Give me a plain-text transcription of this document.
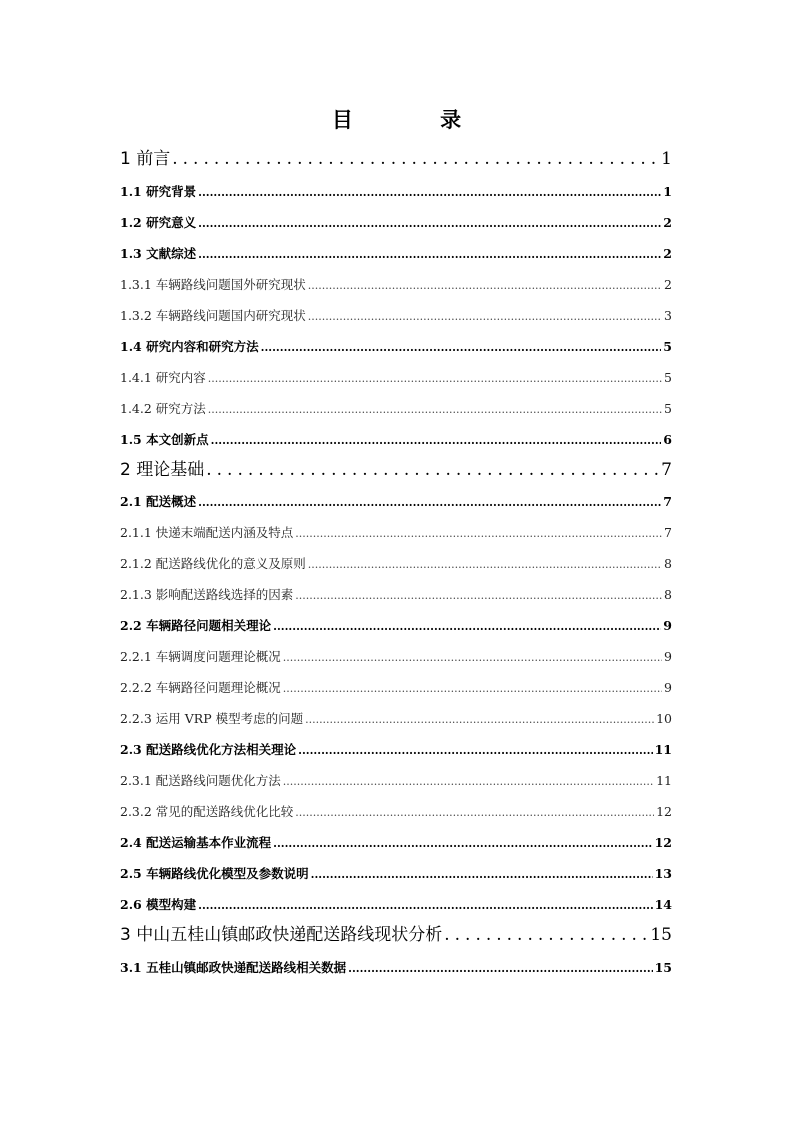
目 录
1 前言 .....	1
1.1 研究背景 .....	1
1.2 研究意义 .....	2
1.3 文献综述 .....	2
1.3.1 车辆路线问题国外研究现状 .....	2
1.3.2 车辆路线问题国内研究现状 .....	3
1.4 研究内容和研究方法 .....	5
1.4.1 研究内容 .....	5
1.4.2 研究方法 .....	5
1.5 本文创新点 .....	6
2 理论基础 .....	7
2.1 配送概述 .....	7
2.1.1 快递末端配送内涵及特点 .....	7
2.1.2 配送路线优化的意义及原则 .....	8
2.1.3 影响配送路线选择的因素 .....	8
2.2 车辆路径问题相关理论 .....	9
2.2.1 车辆调度问题理论概况 .....	9
2.2.2 车辆路径问题理论概况 .....	9
2.2.3 运用 VRP 模型考虑的问题 .....	10
2.3 配送路线优化方法相关理论 .....	11
2.3.1 配送路线问题优化方法 .....	11
2.3.2 常见的配送路线优化比较 .....	12
2.4 配送运输基本作业流程 .....	12
2.5 车辆路线优化模型及参数说明 .....	13
2.6 模型构建 .....	14
3 中山五桂山镇邮政快递配送路线现状分析 .....	15
3.1 五桂山镇邮政快递配送路线相关数据 .....	15
